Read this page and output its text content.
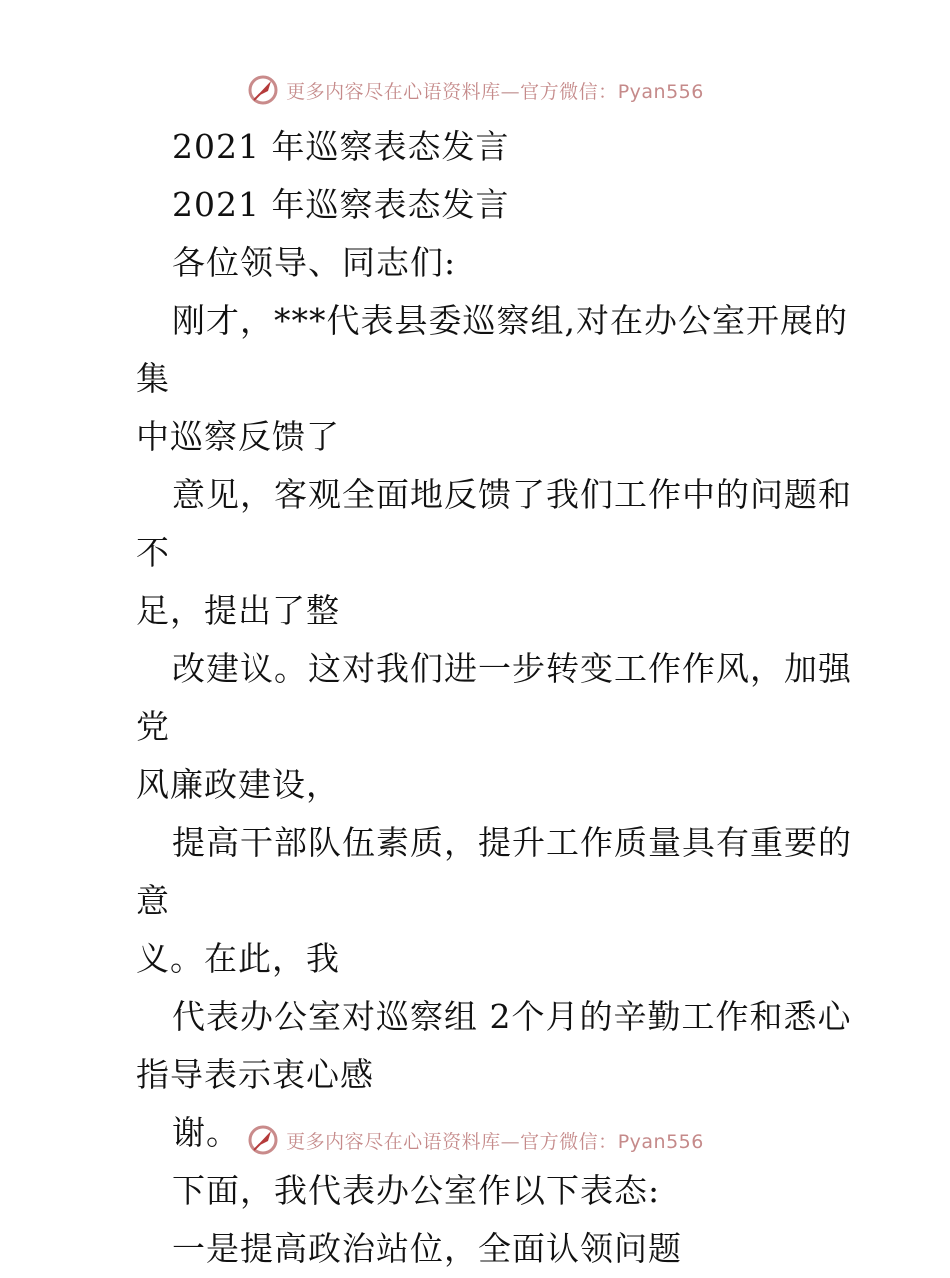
更多内容尽在心语资料库—官方微信：Pyan556
2021 年巡察表态发言
2021 年巡察表态发言
各位领导、同志们:
刚才，***代表县委巡察组,对在办公室开展的集
中巡察反馈了
意见，客观全面地反馈了我们工作中的问题和不
足，提出了整
改建议。这对我们进一步转变工作作风，加强党
风廉政建设，
提高干部队伍素质，提升工作质量具有重要的意
义。在此，我
代表办公室对巡察组 2个月的辛勤工作和悉心
指导表示衷心感
谢。
下面，我代表办公室作以下表态:
一是提高政治站位，全面认领问题
更多内容尽在心语资料库—官方微信：Pyan556
